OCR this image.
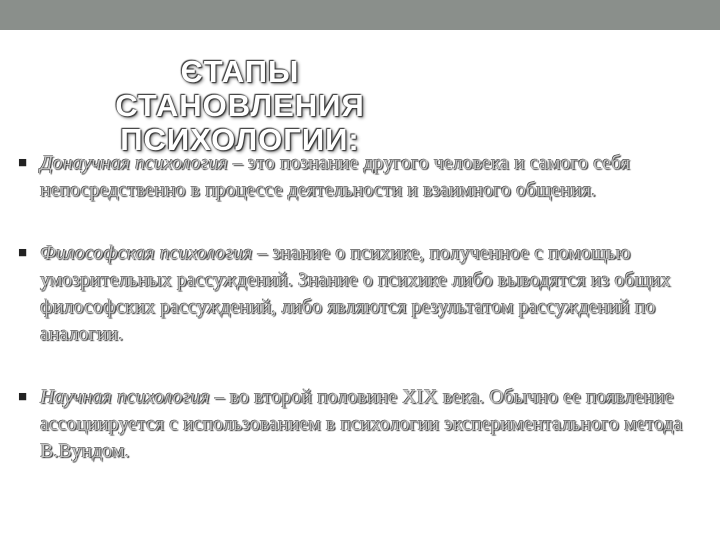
ЄТАПЫ
СТАНОВЛЕНИЯ
ПСИХОЛОГИИ:
■ Донаучная психология – это познание другого человека и самого себя непосредственно в процессе деятельности и взаимного общения.
■ Философская психология – знание о психике, полученное с помощью умозрительных рассуждений. Знание о психике либо выводятся из общих философских рассуждений, либо являются результатом рассуждений по аналогии.
■ Научная психология – во второй половине XIX века. Обычно ее появление ассоциируется с использованием в психологии экспериментального метода В.Вундом.
